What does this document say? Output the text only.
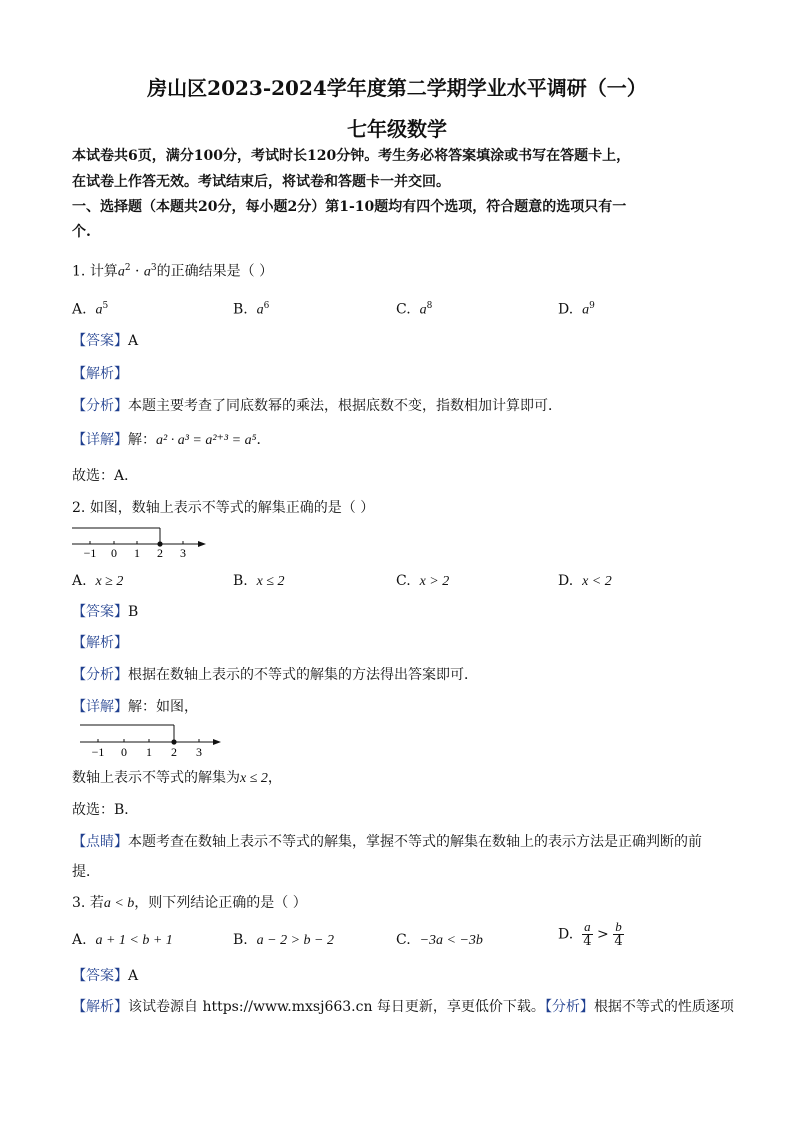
房山区2023-2024学年度第二学期学业水平调研（一）
七年级数学
本试卷共6页，满分100分，考试时长120分钟。考生务必将答案填涂或书写在答题卡上，
在试卷上作答无效。考试结束后，将试卷和答题卡一并交回。
一、选择题（本题共20分，每小题2分）第1-10题均有四个选项，符合题意的选项只有一
个.
1. 计算$a^2 \cdot a^3$的正确结果是（ ）
A. $a^5$	B. $a^6$	C. $a^8$	D. $a^9$
【答案】A
【解析】
【分析】本题主要考查了同底数幂的乘法，根据底数不变，指数相加计算即可．
【详解】解：a² · a³ = a²⁺³ = a⁵．
故选：A．
2. 如图，数轴上表示不等式的解集正确的是（ ）
−1 0 1 2 3
A. x ≥ 2	B. x ≤ 2	C. x > 2	D. x < 2
【答案】B
【解析】
【分析】根据在数轴上表示的不等式的解集的方法得出答案即可．
【详解】解：如图，
−1 0 1 2 3
数轴上表示不等式的解集为x ≤ 2，
故选：B．
【点睛】本题考查在数轴上表示不等式的解集，掌握不等式的解集在数轴上的表示方法是正确判断的前
提．
3. 若a < b，则下列结论正确的是（ ）
A. a + 1 < b + 1	B. a − 2 > b − 2	C. −3a < −3b	D. $\frac{a}{4} > \frac{b}{4}$
【答案】A
【解析】该试卷源自 https://www.mxsj663.cn 每日更新，享更低价下载。【分析】根据不等式的性质逐项
